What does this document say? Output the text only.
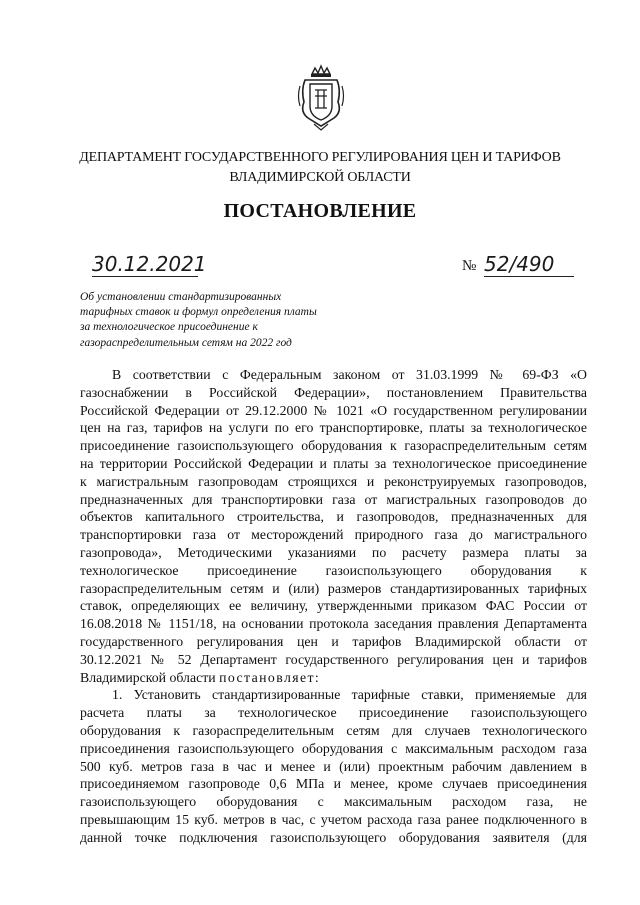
ДЕПАРТАМЕНТ ГОСУДАРСТВЕННОГО РЕГУЛИРОВАНИЯ ЦЕН И ТАРИФОВ
ВЛАДИМИРСКОЙ ОБЛАСТИ
ПОСТАНОВЛЕНИЕ
30.12.2021	№ 52/490
Об установлении стандартизированных
тарифных ставок и формул определения платы
за технологическое присоединение к
газораспределительным сетям на 2022 год
В соответствии с Федеральным законом от 31.03.1999 № 69-ФЗ «О
газоснабжении в Российской Федерации», постановлением Правительства
Российской Федерации от 29.12.2000 № 1021 «О государственном регулировании
цен на газ, тарифов на услуги по его транспортировке, платы за технологическое
присоединение газоиспользующего оборудования к газораспределительным сетям
на территории Российской Федерации и платы за технологическое присоединение
к магистральным газопроводам строящихся и реконструируемых газопроводов,
предназначенных для транспортировки газа от магистральных газопроводов до
объектов капитального строительства, и газопроводов, предназначенных для
транспортировки газа от месторождений природного газа до магистрального
газопровода», Методическими указаниями по расчету размера платы за
технологическое присоединение газоиспользующего оборудования к
газораспределительным сетям и (или) размеров стандартизированных тарифных
ставок, определяющих ее величину, утвержденными приказом ФАС России от
16.08.2018 № 1151/18, на основании протокола заседания правления Департамента
государственного регулирования цен и тарифов Владимирской области от
30.12.2021 № 52 Департамент государственного регулирования цен и тарифов
Владимирской области постановляет:
1. Установить стандартизированные тарифные ставки, применяемые для
расчета платы за технологическое присоединение газоиспользующего
оборудования к газораспределительным сетям для случаев технологического
присоединения газоиспользующего оборудования с максимальным расходом газа
500 куб. метров газа в час и менее и (или) проектным рабочим давлением в
присоединяемом газопроводе 0,6 МПа и менее, кроме случаев присоединения
газоиспользующего оборудования с максимальным расходом газа, не
превышающим 15 куб. метров в час, с учетом расхода газа ранее подключенного в
данной точке подключения газоиспользующего оборудования заявителя (для
